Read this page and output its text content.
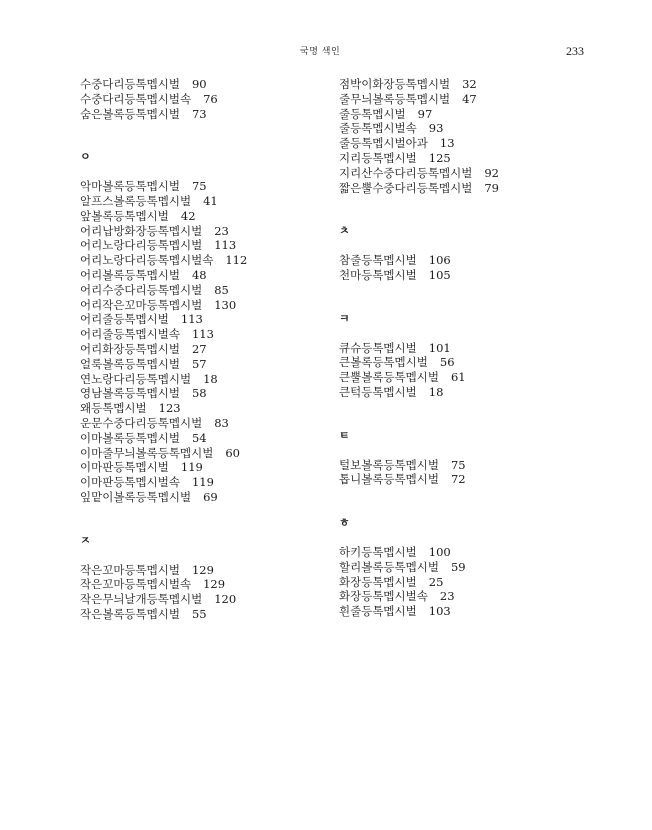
국명 색인	233
수중다리등톡멥시벌 90
수중다리등톡멥시벌속 76
숨은볼록등톡멥시벌 73
ㅇ
악마볼록등톡멥시벌 75
알프스볼록등톡멥시벌 41
앞볼록등톡멥시벌 42
어리납방화장등톡멥시벌 23
어리노랑다리등톡멥시벌 113
어리노랑다리등톡멥시벌속 112
어리볼록등톡멥시벌 48
어리수중다리등톡멥시벌 85
어리작은꼬마등톡멥시벌 130
어리줄등톡멥시벌 113
어리줄등톡멥시벌속 113
어리화장등톡멥시벌 27
얼룩볼록등톡멥시벌 57
연노랑다리등톡멥시벌 18
영남볼록등톡멥시벌 58
왜등톡멥시벌 123
운문수중다리등톡멥시벌 83
이마볼록등톡멥시벌 54
이마줄무늬볼록등톡멥시벌 60
이마판등톡멥시벌 119
이마판등톡멥시벌속 119
잎맡이볼록등톡멥시벌 69
ㅈ
작은꼬마등톡멥시벌 129
작은꼬마등톡멥시벌속 129
작은무늬날개등톡멥시벌 120
작은볼록등톡멥시벌 55
점박이화장등톡멥시벌 32
줄무늬볼록등톡멥시벌 47
줄등톡멥시벌 97
줄등톡멥시벌속 93
줄등톡멥시벌아과 13
지리등톡멥시벌 125
지리산수중다리등톡멥시벌 92
짧은뿔수중다리등톡멥시벌 79
ㅊ
참줄등톡멥시벌 106
천마등톡멥시벌 105
ㅋ
큐슈등톡멥시벌 101
큰볼록등톡멥시벌 56
큰뿔볼록등톡멥시벌 61
큰턱등톡멥시벌 18
ㅌ
털보볼록등톡멥시벌 75
톱니볼록등톡멥시벌 72
ㅎ
하키등톡멥시벌 100
할리볼록등톡멥시벌 59
화장등톡멥시벌 25
화장등톡멥시벌속 23
흰줄등톡멥시벌 103
